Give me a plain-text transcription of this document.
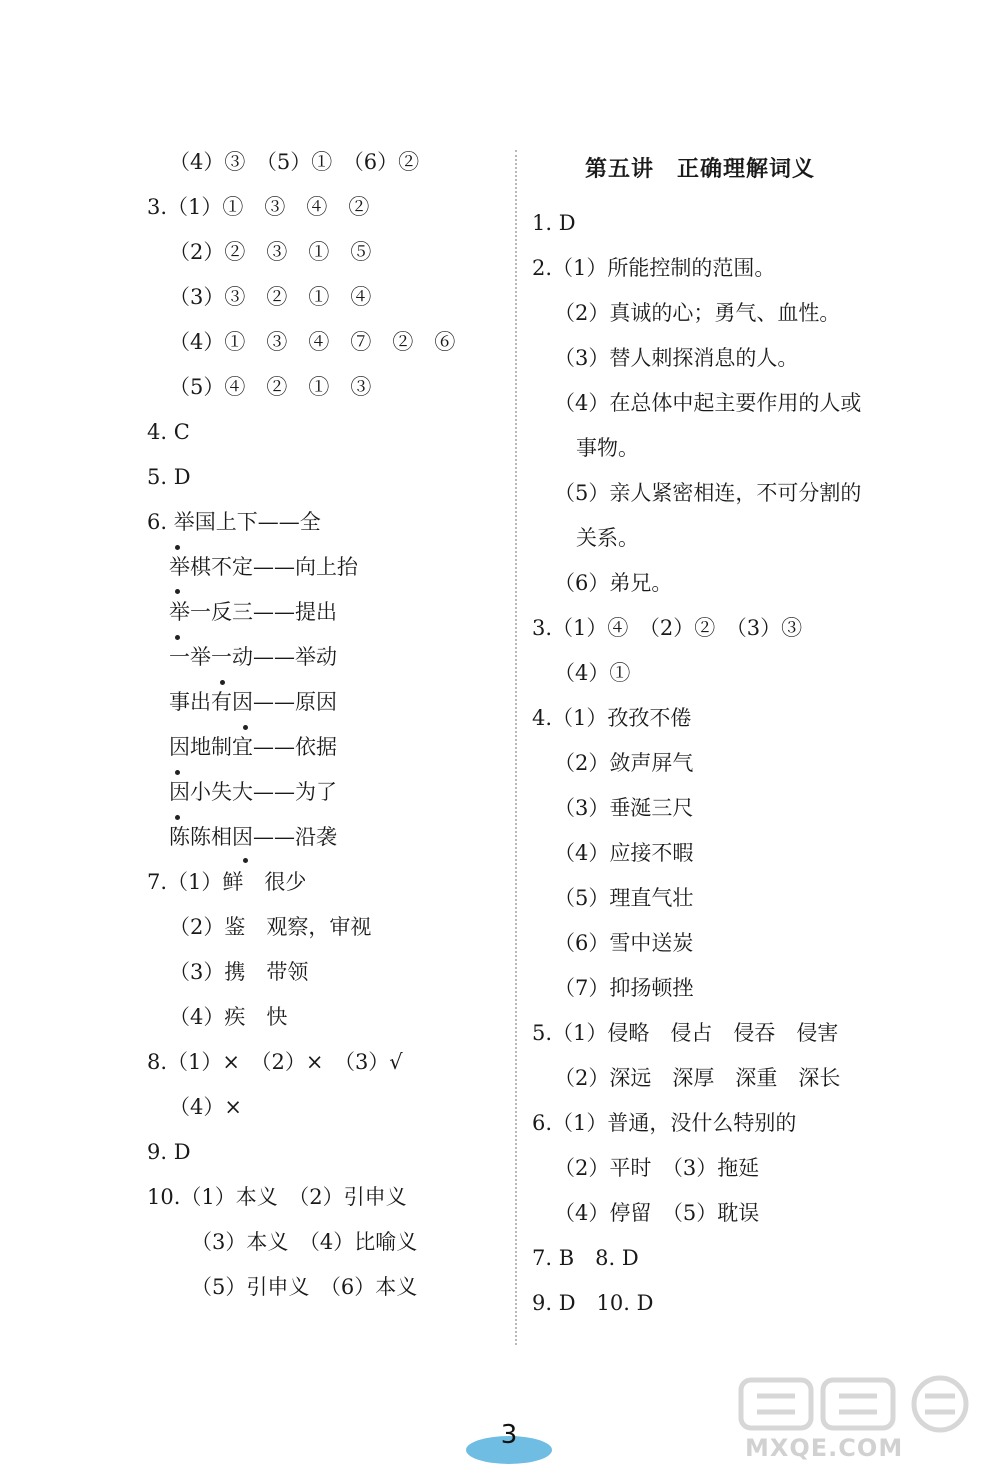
（4）③　（5）①　（6）②
3.（1）①　③　④　②
（2）②　③　①　⑤
（3）③　②　①　④
（4）①　③　④　⑦　②　⑥
（5）④　②　①　③
4. C
5. D
6. 举国上下——全
举棋不定——向上抬
举一反三——提出
一举一动——举动
事出有因——原因
因地制宜——依据
因小失大——为了
陈陈相因——沿袭
7.（1）鲜　很少
（2）鉴　观察，审视
（3）携　带领
（4）疾　快
8.（1）×　（2）×　（3）√
（4）×
9. D
10.（1）本义　（2）引申义
（3）本义　（4）比喻义
（5）引申义　（6）本义
第五讲　正确理解词义
1. D
2.（1）所能控制的范围。
（2）真诚的心；勇气、血性。
（3）替人刺探消息的人。
（4）在总体中起主要作用的人或
事物。
（5）亲人紧密相连，不可分割的
关系。
（6）弟兄。
3.（1）④　（2）②　（3）③
（4）①
4.（1）孜孜不倦
（2）敛声屏气
（3）垂涎三尺
（4）应接不暇
（5）理直气壮
（6）雪中送炭
（7）抑扬顿挫
5.（1）侵略　侵占　侵吞　侵害
（2）深远　深厚　深重　深长
6.（1）普通，没什么特别的
（2）平时　（3）拖延
（4）停留　（5）耽误
7. B　8. D
9. D　10. D
3	MXQE.COM
